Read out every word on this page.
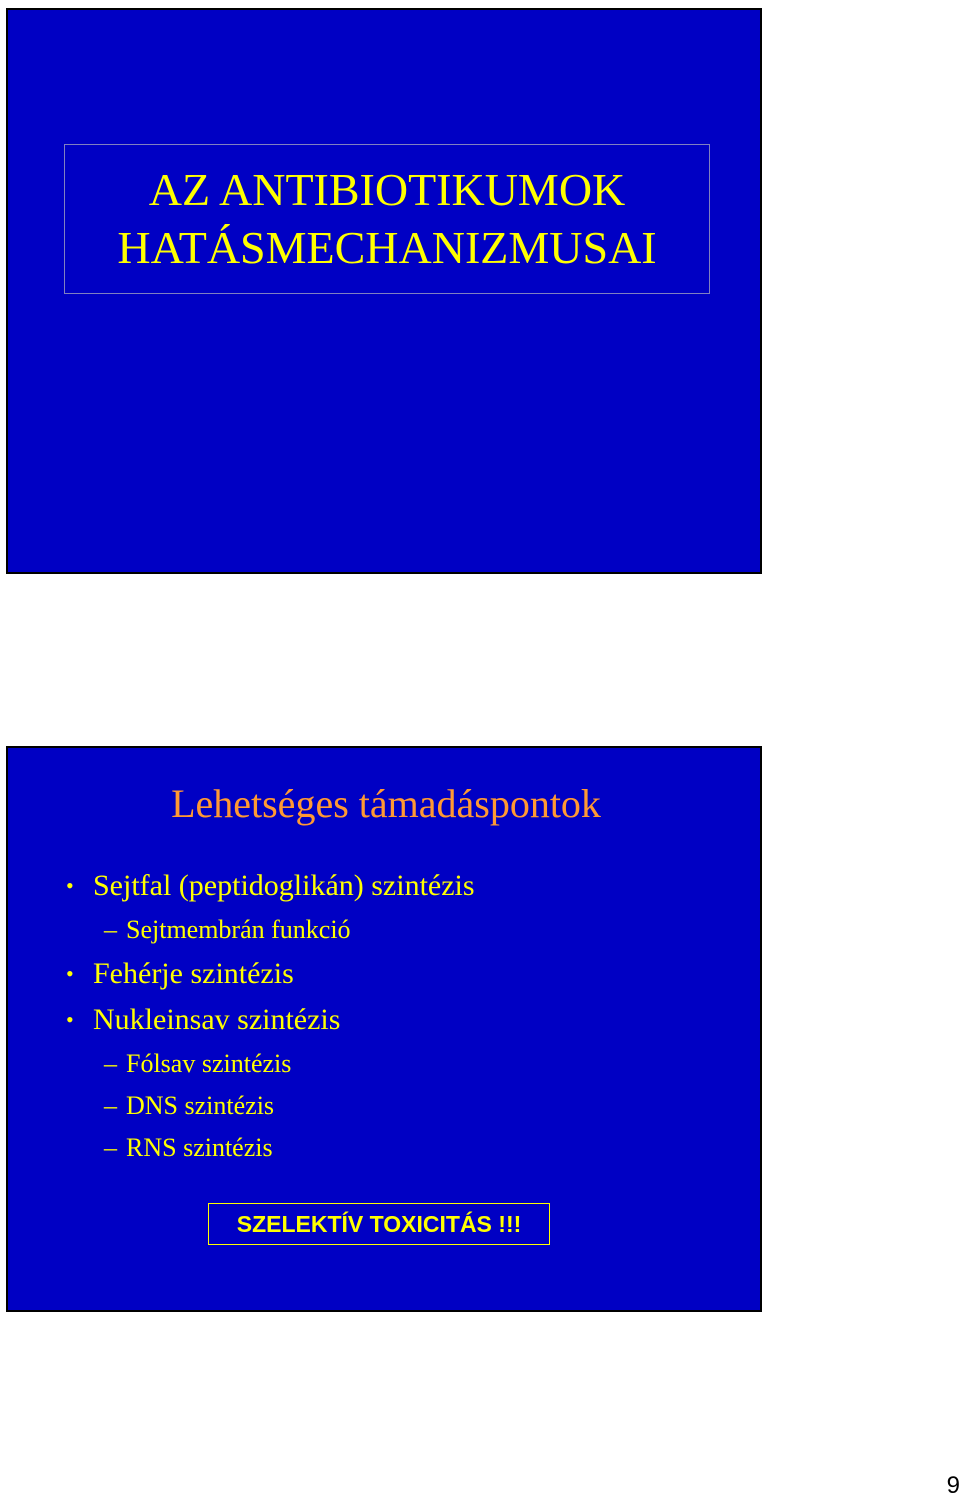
AZ ANTIBIOTIKUMOK
HATÁSMECHANIZMUSAI
Lehetséges támadáspontok
• Sejtfal (peptidoglikán) szintézis
– Sejtmembrán funkció
• Fehérje szintézis
• Nukleinsav szintézis
– Fólsav szintézis
– DNS szintézis
– RNS szintézis
SZELEKTÍV TOXICITÁS !!!
9
